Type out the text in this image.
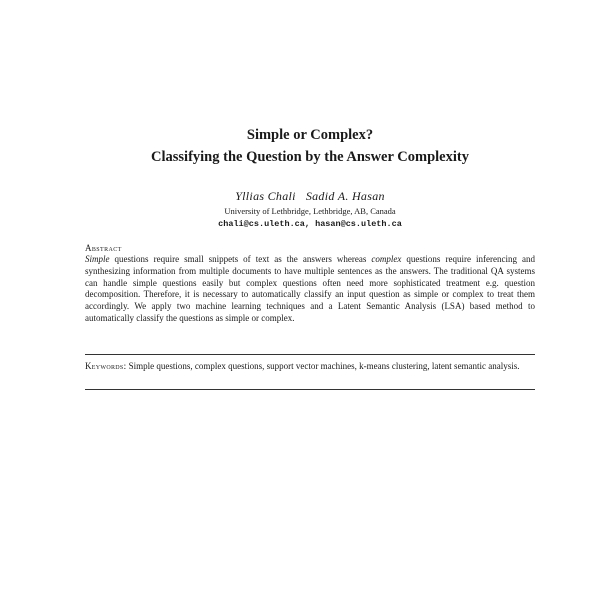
Simple or Complex?
Classifying the Question by the Answer Complexity
Yllias Chali Sadid A. Hasan
University of Lethbridge, Lethbridge, AB, Canada
chali@cs.uleth.ca, hasan@cs.uleth.ca
Abstract
Simple questions require small snippets of text as the answers whereas complex questions require inferencing and synthesizing information from multiple documents to have multiple sentences as the answers. The traditional QA systems can handle simple questions easily but complex questions often need more sophisticated treatment e.g. question decomposition. Therefore, it is necessary to automatically classify an input question as simple or complex to treat them accordingly. We apply two machine learning techniques and a Latent Semantic Analysis (LSA) based method to automatically classify the questions as simple or complex.
Keywords: Simple questions, complex questions, support vector machines, k-means clustering, latent semantic analysis.
